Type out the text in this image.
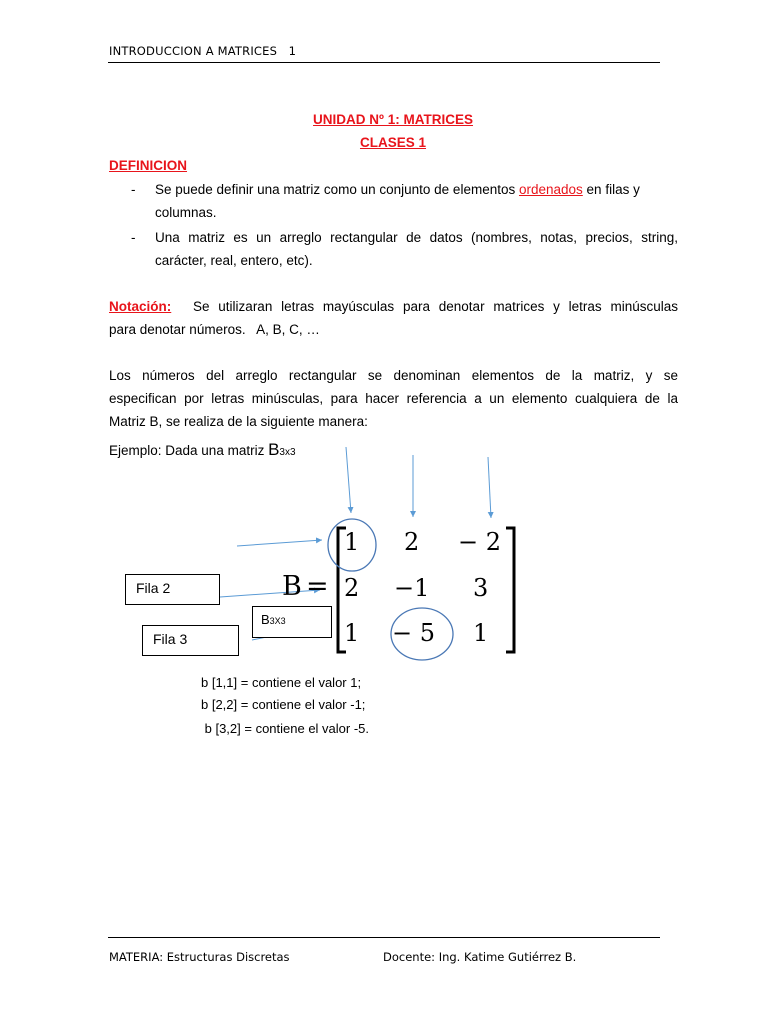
INTRODUCCION A MATRICES   1
UNIDAD Nº 1: MATRICES
CLASES 1
DEFINICION
- Se puede definir una matriz como un conjunto de elementos ordenados en filas y
columnas.
- Una matriz es un arreglo rectangular de datos (nombres, notas, precios, string,
carácter, real, entero, etc).
Notación: Se utilizaran letras mayúsculas para denotar matrices y letras minúsculas
para denotar números.   A, B, C, …
Los números del arreglo rectangular se denominan elementos de la matriz, y se
especifican por letras minúsculas, para hacer referencia a un elemento cualquiera de la
Matriz B, se realiza de la siguiente manera:
Ejemplo: Dada una matriz B3x3
B =
1 2 − 2
2 −1 3
1 − 5 1
Fila 2
Fila 3
B3X3
b [1,1] = contiene el valor 1;
b [2,2] = contiene el valor -1;
b [3,2] = contiene el valor -5.
MATERIA: Estructuras Discretas	Docente: Ing. Katime Gutiérrez B.
